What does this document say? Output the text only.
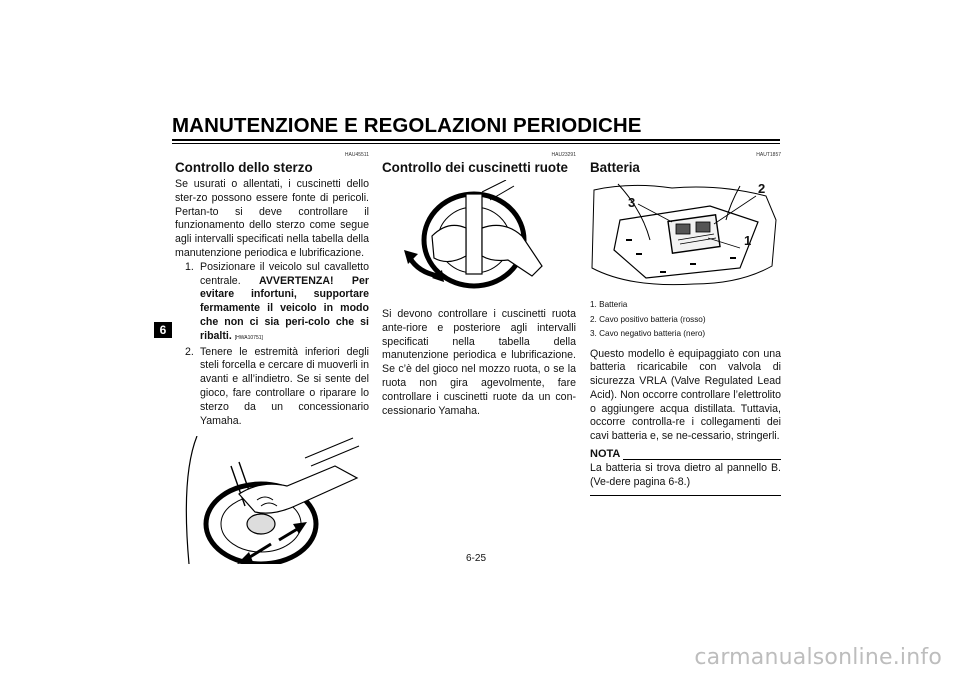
MANUTENZIONE E REGOLAZIONI PERIODICHE
6
HAU45511
Controllo dello sterzo

Se usurati o allentati, i cuscinetti dello ster-zo possono essere fonte di pericoli. Pertan-to si deve controllare il funzionamento dello sterzo come segue agli intervalli specificati nella tabella della manutenzione periodica e lubrificazione.

1. Posizionare il veicolo sul cavalletto centrale. AVVERTENZA! Per evitare infortuni, supportare fermamente il veicolo in modo che non ci sia peri-colo che si ribalti. [HWA10751]
2. Tenere le estremità inferiori degli steli forcella e cercare di muoverli in avanti e all’indietro. Se si sente del gioco, fare controllare o riparare lo sterzo da un concessionario Yamaha.
HAU23291
Controllo dei cuscinetti ruote

Si devono controllare i cuscinetti ruota ante-riore e posteriore agli intervalli specificati nella tabella della manutenzione periodica e lubrificazione. Se c’è del gioco nel mozzo ruota, o se la ruota non gira agevolmente, fare controllare i cuscinetti ruote da un con-cessionario Yamaha.

HAUT1857
Batteria
3
2
1
1. Batteria
2. Cavo positivo batteria (rosso)
3. Cavo negativo batteria (nero)

Questo modello è equipaggiato con una batteria ricaricabile con valvola di sicurezza VRLA (Valve Regulated Lead Acid). Non occorre controllare l’elettrolito o aggiungere acqua distillata. Tuttavia, occorre controlla-re i collegamenti dei cavi batteria e, se ne-cessario, stringerli.

NOTA

La batteria si trova dietro al pannello B. (Ve-dere pagina 6-8.)

6-25
carmanualsonline.info
